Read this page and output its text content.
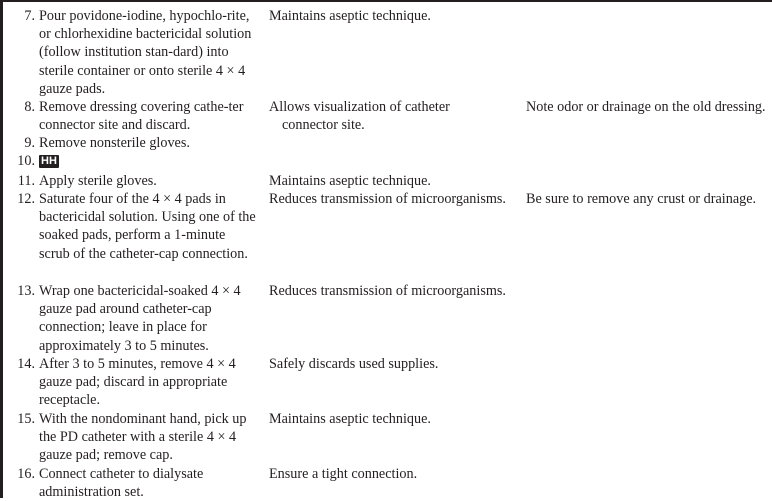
7. Pour povidone-iodine, hypochlo-rite, or chlorhexidine bactericidal solution (follow institution stan-dard) into sterile container or onto sterile 4 × 4 gauze pads.
Maintains aseptic technique.
8. Remove dressing covering cathe-ter connector site and discard.
Allows visualization of catheter connector site.
Note odor or drainage on the old dressing.
9. Remove nonsterile gloves.
10. HH
11. Apply sterile gloves.	Maintains aseptic technique.
12. Saturate four of the 4 × 4 pads in bactericidal solution. Using one of the soaked pads, perform a 1-minute scrub of the catheter-cap connection.
Reduces transmission of microorganisms. Be sure to remove any crust or drainage.
13. Wrap one bactericidal-soaked 4 × 4 gauze pad around catheter-cap connection; leave in place for approximately 3 to 5 minutes.
Reduces transmission of microorganisms.
14. After 3 to 5 minutes, remove 4 × 4 gauze pad; discard in appropriate receptacle.
Safely discards used supplies.
15. With the nondominant hand, pick up the PD catheter with a sterile 4 × 4 gauze pad; remove cap.
Maintains aseptic technique.
16. Connect catheter to dialysate administration set.
Ensure a tight connection.
